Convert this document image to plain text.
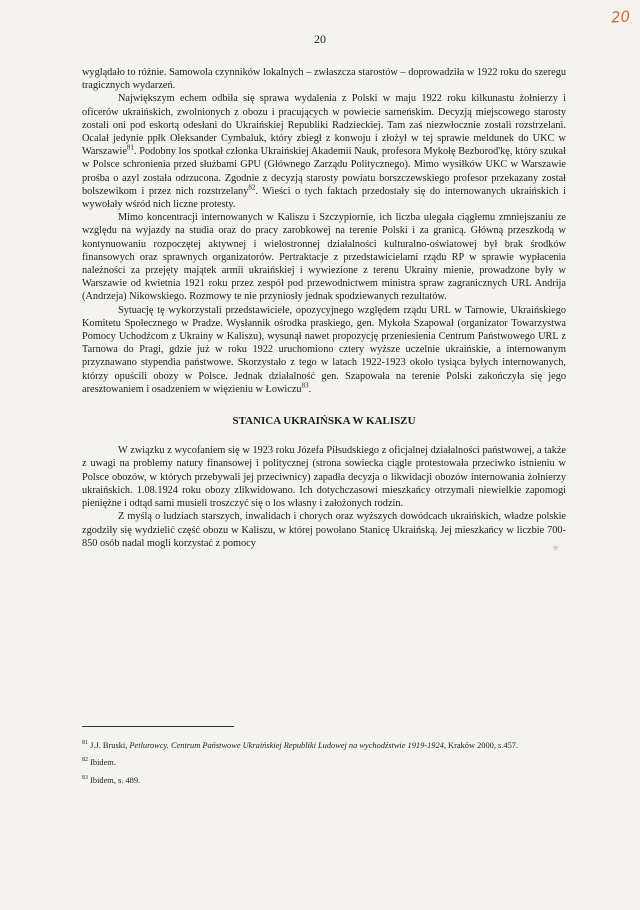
20
20

wyglądało to różnie. Samowola czynników lokalnych – zwłaszcza starostów – doprowadziła w 1922 roku do szeregu tragicznych wydarzeń.

Największym echem odbiła się sprawa wydalenia z Polski w maju 1922 roku kilkunastu żołnierzy i oficerów ukraińskich, zwolnionych z obozu i pracujących w powiecie sarneńskim. Decyzją miejscowego starosty zostali oni pod eskortą odesłani do Ukraińskiej Republiki Radzieckiej. Tam zaś niezwłocznie zostali rozstrzelani. Ocalał jedynie ppłk Ołeksander Cymbaluk, który zbiegł z konwoju i złożył w tej sprawie meldunek do UKC w Warszawie$^{81}$. Podobny los spotkał członka Ukraińskiej Akademii Nauk, profesora Mykołę Bezborod'kę, który szukał w Polsce schronienia przed służbami GPU (Głównego Zarządu Politycznego). Mimo wysiłków UKC w Warszawie prośba o azyl została odrzucona. Zgodnie z decyzją starosty powiatu borszczewskiego profesor przekazany został bolszewikom i przez nich rozstrzelany$^{82}$. Wieści o tych faktach przedostały się do internowanych ukraińskich i wywołały wśród nich liczne protesty.

Mimo koncentracji internowanych w Kaliszu i Szczypiornie, ich liczba ulegała ciągłemu zmniejszaniu ze względu na wyjazdy na studia oraz do pracy zarobkowej na terenie Polski i za granicą. Główną przeszkodą w kontynuowaniu rozpoczętej aktywnej i wielostronnej działalności kulturalno-oświatowej był brak środków finansowych oraz sprawnych organizatorów. Pertraktacje z przedstawicielami rządu RP w sprawie wypłacenia należności za przejęty majątek armii ukraińskiej i wywiezione z terenu Ukrainy mienie, prowadzone były w Warszawie od kwietnia 1921 roku przez zespół pod przewodnictwem ministra spraw zagranicznych URL Andrija (Andrzeja) Nikowskiego. Rozmowy te nie przyniosły jednak spodziewanych rezultatów.

Sytuację tę wykorzystali przedstawiciele, opozycyjnego względem rządu URL w Tarnowie, Ukraińskiego Komitetu Społecznego w Pradze. Wysłannik ośrodka praskiego, gen. Mykoła Szapował (organizator Towarzystwa Pomocy Uchodźcom z Ukrainy w Kaliszu), wysunął nawet propozycję przeniesienia Centrum Państwowego URL z Tarnowa do Pragi, gdzie już w roku 1922 uruchomiono cztery wyższe uczelnie ukraińskie, a internowanym przyznawano stypendia państwowe. Skorzystało z tego w latach 1922-1923 około tysiąca byłych internowanych, którzy opuścili obozy w Polsce. Jednak działalność gen. Szapowała na terenie Polski zakończyła się jego aresztowaniem i osadzeniem w więzieniu w Łowiczu$^{83}$.

STANICA UKRAIŃSKA W KALISZU

W związku z wycofaniem się w 1923 roku Józefa Piłsudskiego z oficjalnej działalności państwowej, a także z uwagi na problemy natury finansowej i politycznej (strona sowiecka ciągle protestowała przeciwko istnieniu w Polsce obozów, w których przebywali jej przeciwnicy) zapadła decyzja o likwidacji obozów internowania żołnierzy ukraińskich. 1.08.1924 roku obozy zlikwidowano. Ich dotychczasowi mieszkańcy otrzymali niewielkie zapomogi pieniężne i odtąd sami musieli troszczyć się o los własny i założonych rodzin.

Z myślą o ludziach starszych, inwalidach i chorych oraz wyższych dowódcach ukraińskich, władze polskie zgodziły się wydzielić część obozu w Kaliszu, w której powołano Stanicę Ukraińską. Jej mieszkańcy w liczbie 700-850 osób nadal mogli korzystać z pomocy	✳

$^{81}$ J.J. Bruski, Petlurowcy. Centrum Państwowe Ukraińskiej Republiki Ludowej na wychodźstwie 1919-1924, Kraków 2000, s.457.

$^{82}$ Ibidem.

$^{83}$ Ibidem, s. 489.
